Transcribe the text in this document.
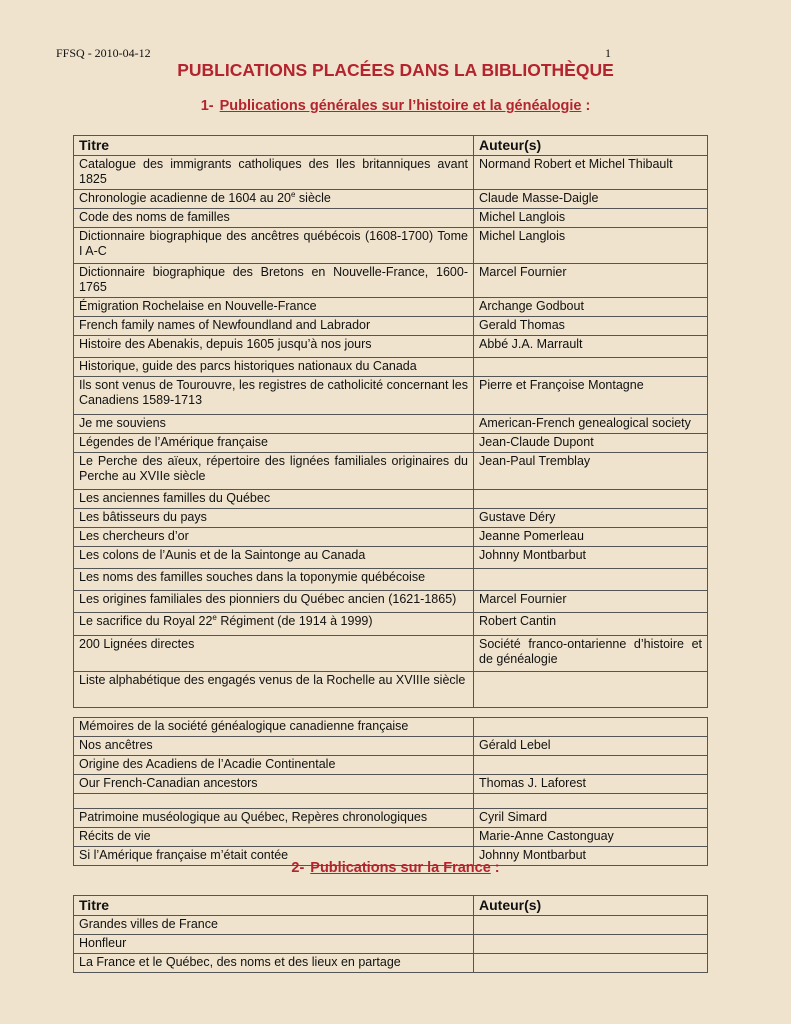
FFSQ - 2010-04-12	1
PUBLICATIONS PLACÉES DANS LA BIBLIOTHÈQUE
1- Publications générales sur l’histoire et la généalogie :
Titre	Auteur(s)
Catalogue des immigrants catholiques des Iles britanniques avant 1825	Normand Robert et Michel Thibault
Chronologie acadienne de 1604 au 20e siècle	Claude Masse-Daigle
Code des noms de familles	Michel Langlois
Dictionnaire biographique des ancêtres québécois (1608-1700) Tome I A-C	Michel Langlois
Dictionnaire biographique des Bretons en Nouvelle-France, 1600-1765	Marcel Fournier
Émigration Rochelaise en Nouvelle-France	Archange Godbout
French family names of Newfoundland and Labrador	Gerald Thomas
Histoire des Abenakis, depuis 1605 jusqu’à nos jours	Abbé J.A. Marrault
Historique, guide des parcs historiques nationaux du Canada	
Ils sont venus de Tourouvre, les registres de catholicité concernant les Canadiens 1589-1713	Pierre et Françoise Montagne
Je me souviens	American-French genealogical society
Légendes de l’Amérique française	Jean-Claude Dupont
Le Perche des aïeux, répertoire des lignées familiales originaires du Perche au XVIIe siècle	Jean-Paul Tremblay
Les anciennes familles du Québec	
Les bâtisseurs du pays	Gustave Déry
Les chercheurs d’or	Jeanne Pomerleau
Les colons de l’Aunis et de la Saintonge au Canada	Johnny Montbarbut
Les noms des familles souches dans la toponymie québécoise	
Les origines familiales des pionniers du Québec ancien (1621-1865)	Marcel Fournier
Le sacrifice du Royal 22e Régiment (de 1914 à 1999)	Robert Cantin
200 Lignées directes	Société franco-ontarienne d’histoire et de généalogie
Liste alphabétique des engagés venus de la Rochelle au XVIIIe siècle	
Mémoires de la société généalogique canadienne française	
Nos ancêtres	Gérald Lebel
Origine des Acadiens de l’Acadie Continentale	
Our French-Canadian ancestors	Thomas J. Laforest

Patrimoine muséologique au Québec, Repères chronologiques	Cyril Simard
Récits de vie	Marie-Anne Castonguay
Si l’Amérique française m’était contée	Johnny Montbarbut
2- Publications sur la France :
Titre	Auteur(s)
Grandes villes de France	
Honfleur	
La France et le Québec, des noms et des lieux en partage	
